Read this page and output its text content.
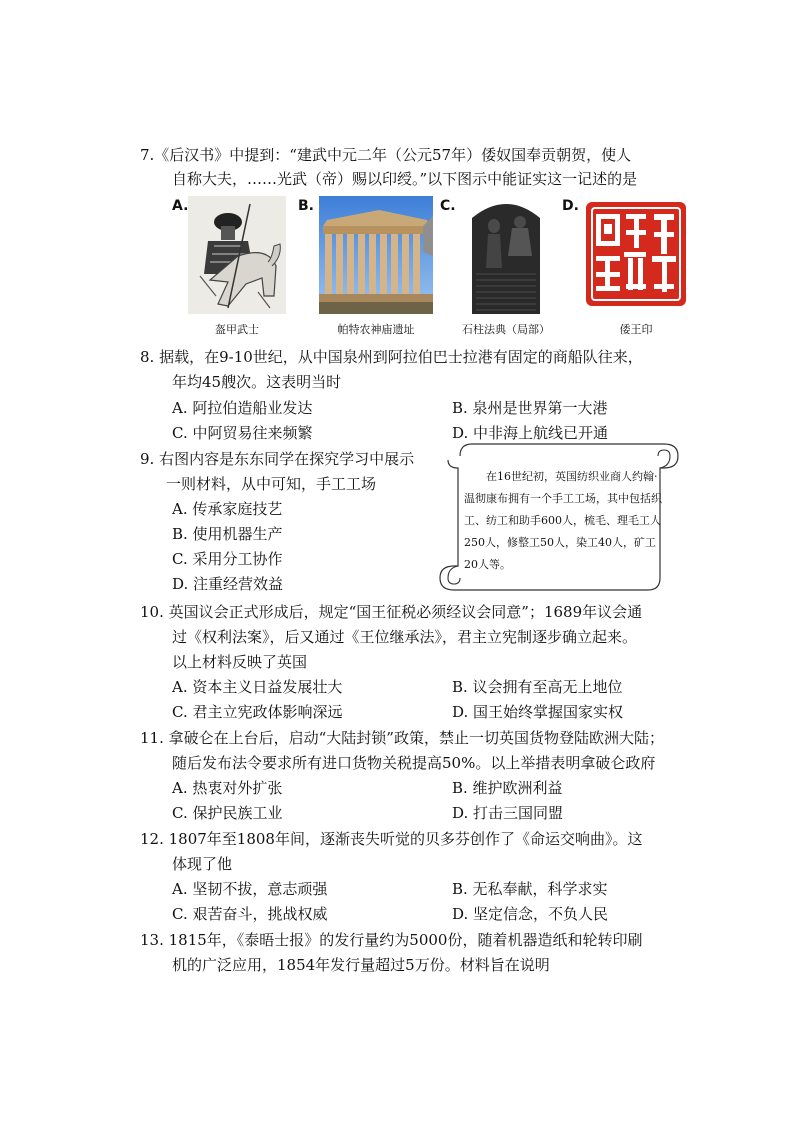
7.《后汉书》中提到：“建武中元二年（公元57年）倭奴国奉贡朝贺，使人
自称大夫，……光武（帝）赐以印绶。”以下图示中能证实这一记述的是
A.	B.	C.	D.
盔甲武士	帕特农神庙遗址	石柱法典（局部）	倭王印
8. 据载，在9-10世纪，从中国泉州到阿拉伯巴士拉港有固定的商船队往来，
年均45艘次。这表明当时
A. 阿拉伯造船业发达	B. 泉州是世界第一大港
C. 中阿贸易往来频繁	D. 中非海上航线已开通
9. 右图内容是东东同学在探究学习中展示
一则材料，从中可知，手工工场
A. 传承家庭技艺
B. 使用机器生产
C. 采用分工协作
D. 注重经营效益
在16世纪初，英国纺织业商人约翰·温彻康布拥有一个手工工场，其中包括织工、纺工和助手600人，梳毛、理毛工人250人，修整工50人，染工40人，矿工20人等。
10. 英国议会正式形成后，规定“国王征税必须经议会同意”；1689年议会通
过《权利法案》，后又通过《王位继承法》，君主立宪制逐步确立起来。
以上材料反映了英国
A. 资本主义日益发展壮大	B. 议会拥有至高无上地位
C. 君主立宪政体影响深远	D. 国王始终掌握国家实权
11. 拿破仑在上台后，启动“大陆封锁”政策，禁止一切英国货物登陆欧洲大陆；
随后发布法令要求所有进口货物关税提高50%。以上举措表明拿破仑政府
A. 热衷对外扩张	B. 维护欧洲利益
C. 保护民族工业	D. 打击三国同盟
12. 1807年至1808年间，逐渐丧失听觉的贝多芬创作了《命运交响曲》。这
体现了他
A. 坚韧不拔，意志顽强	B. 无私奉献，科学求实
C. 艰苦奋斗，挑战权威	D. 坚定信念，不负人民
13. 1815年，《泰晤士报》的发行量约为5000份，随着机器造纸和轮转印刷
机的广泛应用，1854年发行量超过5万份。材料旨在说明
